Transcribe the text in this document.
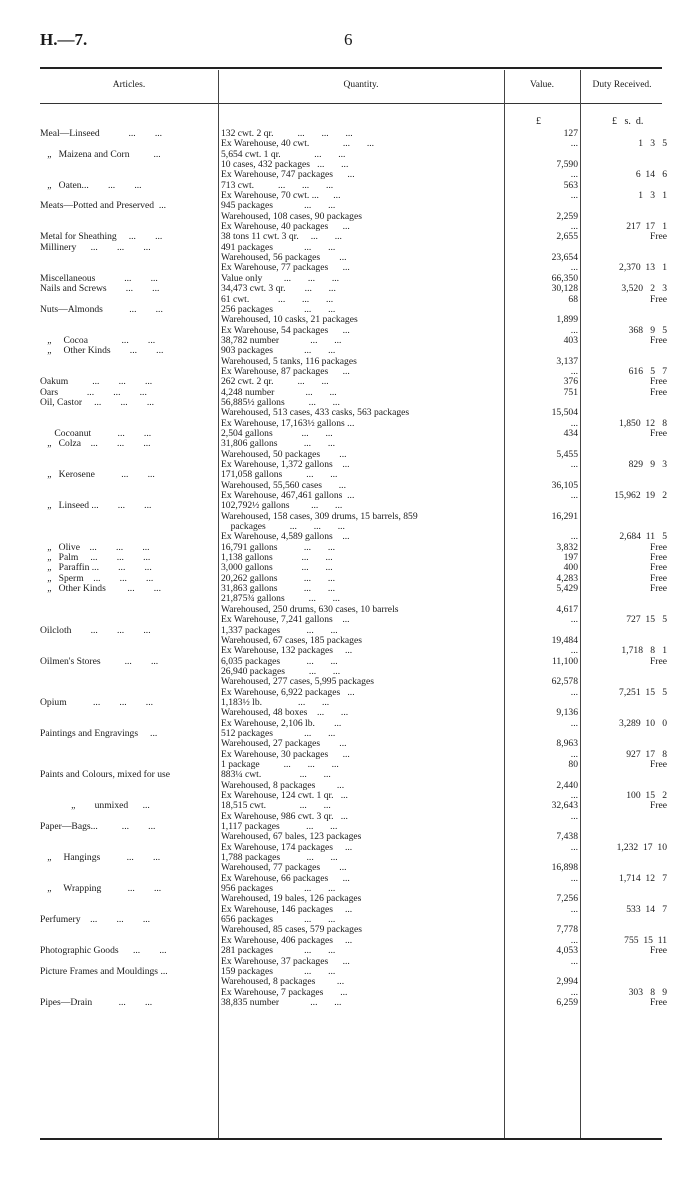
H.—7.	6
Articles.	Quantity.	Value.	Duty Received.
£	£   s.  d.
Meal—Linseed            ...        ...	132 cwt. 2 qr.          ...       ...       ...	127	
	Ex Warehouse, 40 cwt.              ...       ...	...	1   3   5
„   Maizena and Corn          ...	5,654 cwt. 1 qr.              ...       ...		
	10 cases, 432 packages   ...       ...	7,590	
	Ex Warehouse, 747 packages      ...	...	6  14   6
„   Oaten...        ...        ...	713 cwt.          ...       ...       ...	563	
	Ex Warehouse, 70 cwt. ...      ...	...	1   3   1
Meats—Potted and Preserved  ...	945 packages             ...       ...		
	Warehoused, 108 cases, 90 packages	2,259	
	Ex Warehouse, 40 packages      ...	...	217  17   1
Metal for Sheathing     ...        ...	38 tons 11 cwt. 3 qr.     ...       ...	2,655	Free
Millinery      ...        ...        ...	491 packages             ...       ...		
	Warehoused, 56 packages        ...	23,654	
	Ex Warehouse, 77 packages      ...	...	2,370  13   1
Miscellaneous            ...        ...	Value only         ...       ...       ...	66,350	
Nails and Screws        ...        ...	34,473 cwt. 3 qr.        ...       ...	30,128	3,520   2   3
	61 cwt.            ...       ...       ...	68	Free
Nuts—Almonds           ...        ...	256 packages             ...       ...		
	Warehoused, 10 casks, 21 packages	1,899	
	Ex Warehouse, 54 packages      ...	...	368   9   5
„     Cocoa              ...        ...	38,782 number             ...       ...	403	Free
„     Other Kinds        ...        ...	903 packages             ...       ...		
	Warehoused, 5 tanks, 116 packages	3,137	
	Ex Warehouse, 87 packages      ...	...	616   5   7
Oakum          ...        ...        ...	262 cwt. 2 qr.          ...       ...	376	Free
Oars            ...        ...        ...	4,248 number             ...       ...	751	Free
Oil, Castor     ...        ...        ...	56,885½ gallons          ...       ...		
	Warehoused, 513 cases, 433 casks, 563 packages	15,504	
	Ex Warehouse, 17,163½ gallons ...	...	1,850  12   8
Cocoanut           ...        ...	2,504 gallons            ...       ...	434	Free
„   Colza    ...        ...        ...	31,806 gallons           ...       ...		
	Warehoused, 50 packages        ...	5,455	
	Ex Warehouse, 1,372 gallons    ...	...	829   9   3
„   Kerosene           ...        ...	171,058 gallons          ...       ...		
	Warehoused, 55,560 cases       ...	36,105	
	Ex Warehouse, 467,461 gallons  ...	...	15,962  19   2
„   Linseed ...        ...        ...	102,792½ gallons         ...       ...		
	Warehoused, 158 cases, 309 drums, 15 barrels, 859	16,291	
	packages          ...       ...       ...		
	Ex Warehouse, 4,589 gallons    ...	...	2,684  11   5
„   Olive    ...        ...        ...	16,791 gallons           ...       ...	3,832	Free
„   Palm     ...        ...        ...	1,138 gallons            ...       ...	197	Free
„   Paraffin ...        ...        ...	3,000 gallons            ...       ...	400	Free
„   Sperm    ...        ...        ...	20,262 gallons           ...       ...	4,283	Free
„   Other Kinds         ...        ...	31,863 gallons           ...       ...	5,429	Free
	21,875¾ gallons          ...       ...		
	Warehoused, 250 drums, 630 cases, 10 barrels	4,617	
	Ex Warehouse, 7,241 gallons    ...	...	727  15   5
Oilcloth        ...        ...        ...	1,337 packages           ...       ...		
	Warehoused, 67 cases, 185 packages	19,484	
	Ex Warehouse, 132 packages     ...	...	1,718   8   1
Oilmen's Stores          ...        ...	6,035 packages           ...       ...	11,100	Free
	26,940 packages          ...       ...		
	Warehoused, 277 cases, 5,995 packages	62,578	
	Ex Warehouse, 6,922 packages   ...	...	7,251  15   5
Opium           ...        ...        ...	1,183½ lb.               ...       ...		
	Warehoused, 48 boxes    ...       ...	9,136	
	Ex Warehouse, 2,106 lb.        ...	...	3,289  10   0
Paintings and Engravings     ...	512 packages             ...       ...		
	Warehoused, 27 packages        ...	8,963	
	Ex Warehouse, 30 packages      ...	...	927  17   8
	1 package          ...       ...       ...	80	Free
Paints and Colours, mixed for use	883¼ cwt.                ...       ...		
	Warehoused, 8 packages         ...	2,440	
	Ex Warehouse, 124 cwt. 1 qr.   ...	...	100  15   2
„        unmixed      ...	18,515 cwt.              ...       ...	32,643	Free
	Ex Warehouse, 986 cwt. 3 qr.   ...	...	
Paper—Bags...          ...        ...	1,117 packages           ...       ...		
	Warehoused, 67 bales, 123 packages	7,438	
	Ex Warehouse, 174 packages     ...	...	1,232  17  10
„     Hangings           ...        ...	1,788 packages           ...       ...		
	Warehoused, 77 packages        ...	16,898	
	Ex Warehouse, 66 packages      ...	...	1,714  12   7
„     Wrapping           ...        ...	956 packages             ...       ...		
	Warehoused, 19 bales, 126 packages	7,256	
	Ex Warehouse, 146 packages     ...	...	533  14   7
Perfumery    ...        ...        ...	656 packages             ...       ...		
	Warehoused, 85 cases, 579 packages	7,778	
	Ex Warehouse, 406 packages     ...	...	755  15  11
Photographic Goods      ...        ...	281 packages             ...       ...	4,053	Free
	Ex Warehouse, 37 packages      ...	...	
Picture Frames and Mouldings ...	159 packages             ...       ...		
	Warehoused, 8 packages         ...	2,994	
	Ex Warehouse, 7 packages       ...	...	303   8   9
Pipes—Drain           ...        ...	38,835 number             ...       ...	6,259	Free
